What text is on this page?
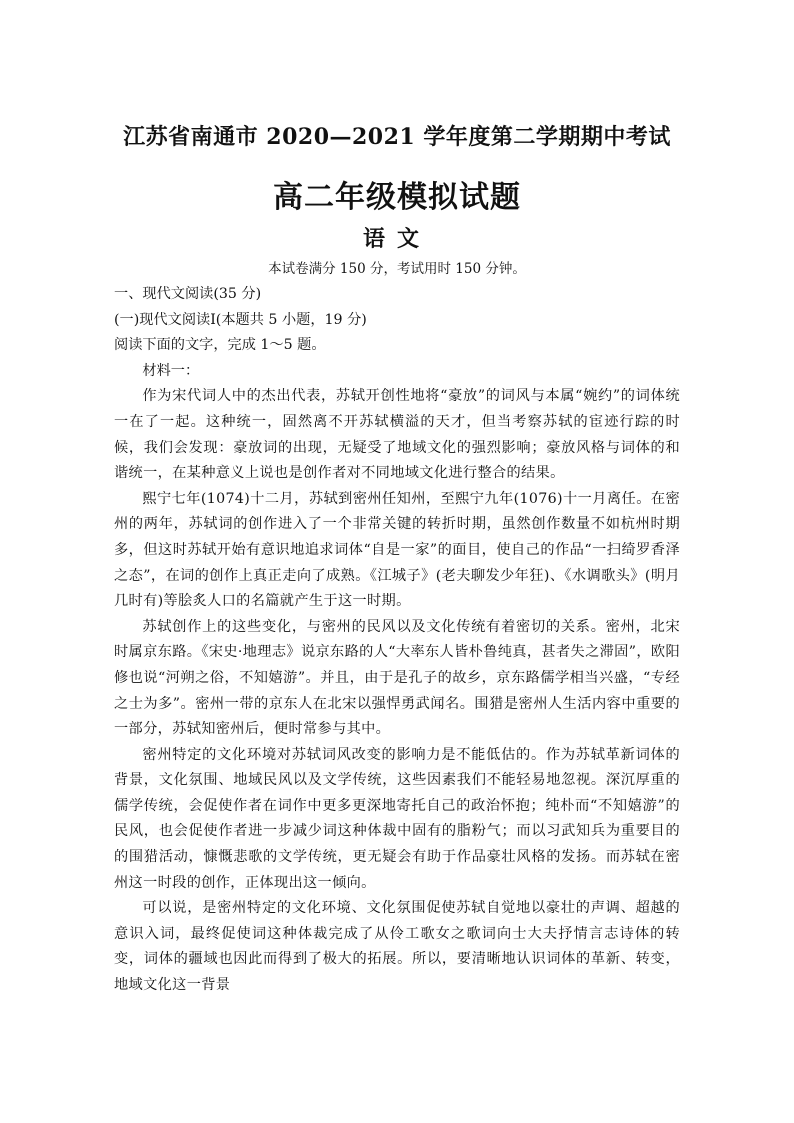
江苏省南通市 2020—2021 学年度第二学期期中考试
高二年级模拟试题
语文
本试卷满分 150 分，考试用时 150 分钟。

一、现代文阅读(35 分)

(一)现代文阅读Ⅰ(本题共 5 小题，19 分)

阅读下面的文字，完成 1～5 题。

材料一：

作为宋代词人中的杰出代表，苏轼开创性地将“豪放”的词风与本属“婉约”的词体统一在了一起。这种统一，固然离不开苏轼横溢的天才，但当考察苏轼的宦迹行踪的时候，我们会发现：豪放词的出现，无疑受了地域文化的强烈影响；豪放风格与词体的和谐统一，在某种意义上说也是创作者对不同地域文化进行整合的结果。

熙宁七年(1074)十二月，苏轼到密州任知州，至熙宁九年(1076)十一月离任。在密州的两年，苏轼词的创作进入了一个非常关键的转折时期，虽然创作数量不如杭州时期多，但这时苏轼开始有意识地追求词体“自是一家”的面目，使自己的作品“一扫绮罗香泽之态”，在词的创作上真正走向了成熟。《江城子》(老夫聊发少年狂)、《水调歌头》(明月几时有)等脍炙人口的名篇就产生于这一时期。

苏轼创作上的这些变化，与密州的民风以及文化传统有着密切的关系。密州，北宋时属京东路。《宋史·地理志》说京东路的人“大率东人皆朴鲁纯真，甚者失之滞固”，欧阳修也说“河朔之俗，不知嬉游”。并且，由于是孔子的故乡，京东路儒学相当兴盛，“专经之士为多”。密州一带的京东人在北宋以强悍勇武闻名。围猎是密州人生活内容中重要的一部分，苏轼知密州后，便时常参与其中。

密州特定的文化环境对苏轼词风改变的影响力是不能低估的。作为苏轼革新词体的背景，文化氛围、地域民风以及文学传统，这些因素我们不能轻易地忽视。深沉厚重的儒学传统，会促使作者在词作中更多更深地寄托自己的政治怀抱；纯朴而“不知嬉游”的民风，也会促使作者进一步减少词这种体裁中固有的脂粉气；而以习武知兵为重要目的的围猎活动，慷慨悲歌的文学传统，更无疑会有助于作品豪壮风格的发扬。而苏轼在密州这一时段的创作，正体现出这一倾向。

可以说，是密州特定的文化环境、文化氛围促使苏轼自觉地以豪壮的声调、超越的意识入词，最终促使词这种体裁完成了从伶工歌女之歌词向士大夫抒情言志诗体的转变，词体的疆域也因此而得到了极大的拓展。所以，要清晰地认识词体的革新、转变，地域文化这一背景
